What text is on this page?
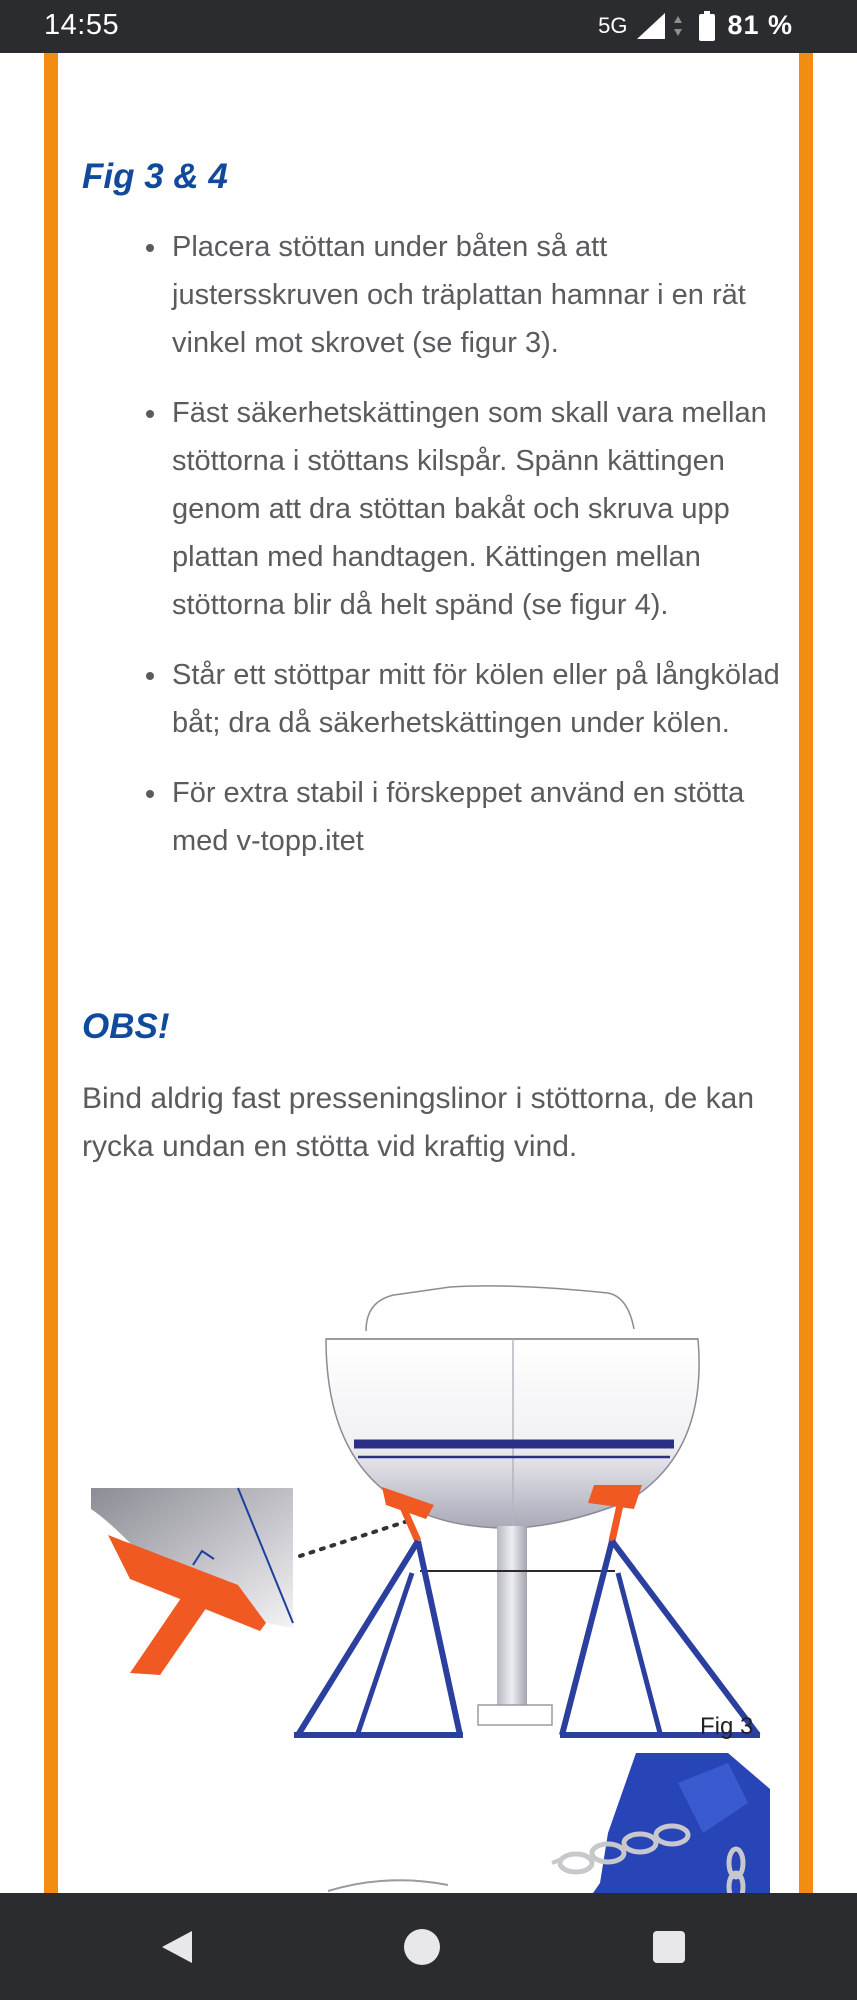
14:55	5G	81 %
Fig 3 & 4
Placera stöttan under båten så att justersskruven och träplattan hamnar i en rät vinkel mot skrovet (se figur 3).
Fäst säkerhetskättingen som skall vara mellan stöttorna i stöttans kilspår. Spänn kättingen genom att dra stöttan bakåt och skruva upp plattan med handtagen. Kättingen mellan stöttorna blir då helt spänd (se figur 4).
Står ett stöttpar mitt för kölen eller på långkölad båt; dra då säkerhetskättingen under kölen.
För extra stabil i förskeppet använd en stötta med v-topp.itet
OBS!

Bind aldrig fast presseningslinor i stöttorna, de kan rycka undan en stötta vid kraftig vind.

Fig 3
